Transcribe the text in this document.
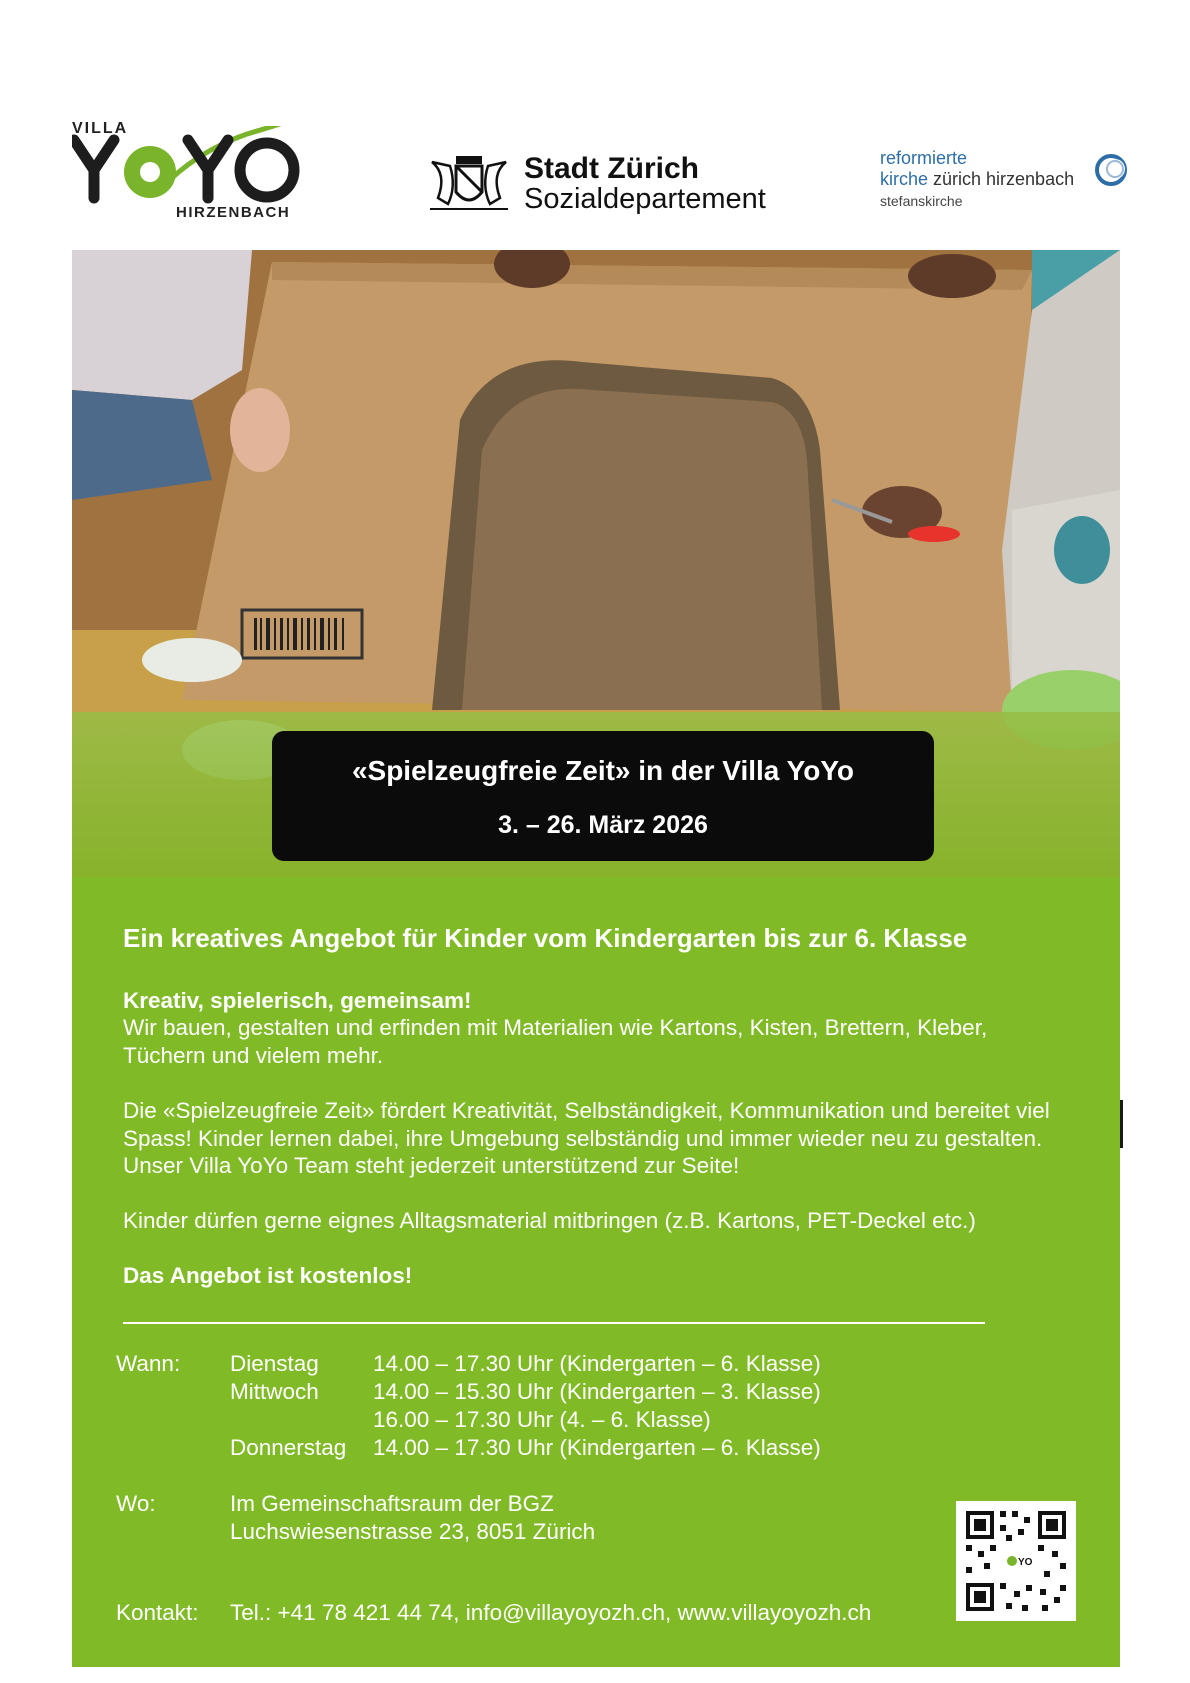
VILLA
HIRZENBACH
Stadt Zürich
Sozialdepartement
reformierte
kirche zürich hirzenbach
stefanskirche
«Spielzeugfreie Zeit» in der Villa YoYo
3. – 26. März 2026
Ein kreatives Angebot für Kinder vom Kindergarten bis zur 6. Klasse
Kreativ, spielerisch, gemeinsam!
Wir bauen, gestalten und erfinden mit Materialien wie Kartons, Kisten, Brettern, Kleber, Tüchern und vielem mehr.
Die «Spielzeugfreie Zeit» fördert Kreativität, Selbständigkeit, Kommunikation und bereitet viel Spass! Kinder lernen dabei, ihre Umgebung selbständig und immer wieder neu zu gestalten. Unser Villa YoYo Team steht jederzeit unterstützend zur Seite!
Kinder dürfen gerne eignes Alltagsmaterial mitbringen (z.B. Kartons, PET-Deckel etc.)
Das Angebot ist kostenlos!
Wann: Dienstag 14.00 – 17.30 Uhr (Kindergarten – 6. Klasse)
Mittwoch 14.00 – 15.30 Uhr (Kindergarten – 3. Klasse)
16.00 – 17.30 Uhr (4. – 6. Klasse)
Donnerstag 14.00 – 17.30 Uhr (Kindergarten – 6. Klasse)
Wo:	Im Gemeinschaftsraum der BGZ
Luchswiesenstrasse 23, 8051 Zürich
Kontakt: Tel.: +41 78 421 44 74, info@villayoyozh.ch, www.villayoyozh.ch
YO
